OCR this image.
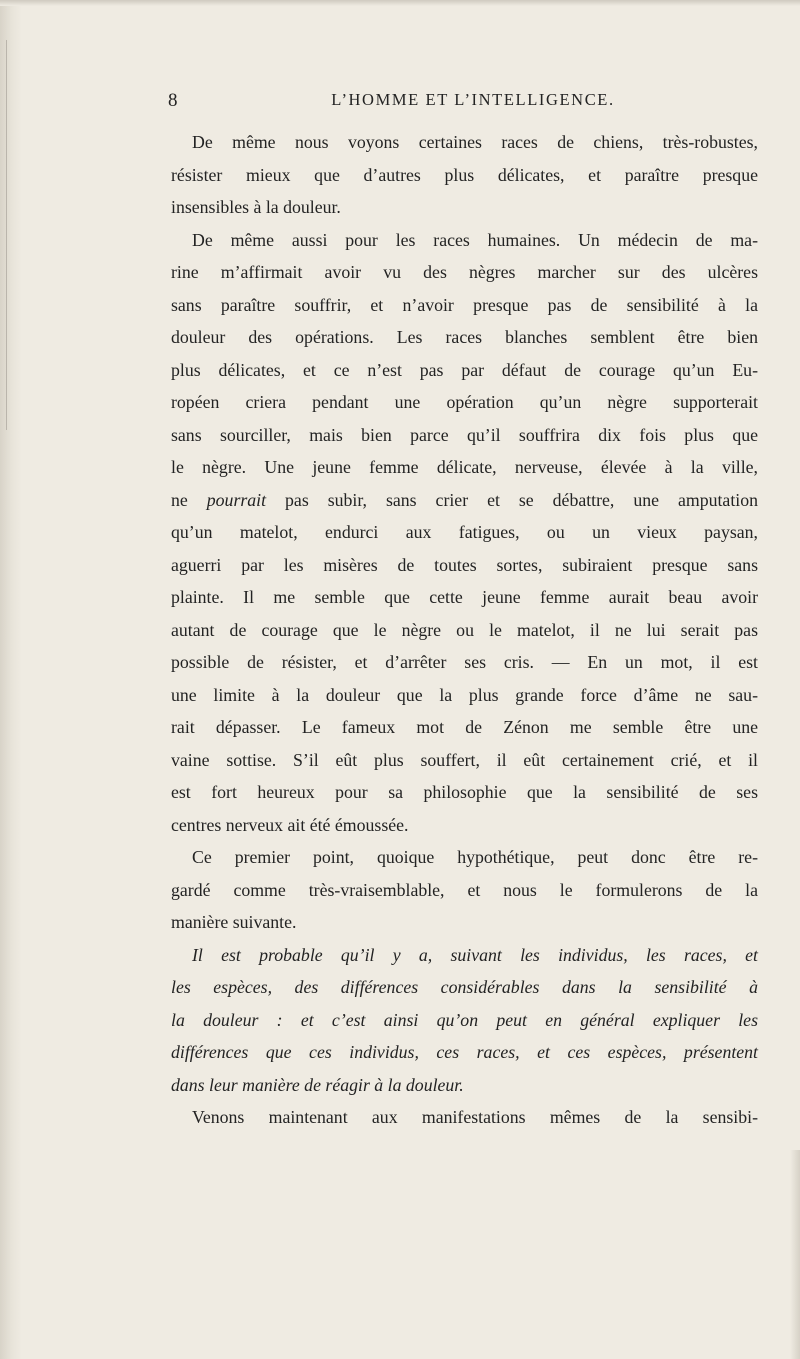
8	L’HOMME ET L’INTELLIGENCE.
De même nous voyons certaines races de chiens, très-robustes,
résister mieux que d’autres plus délicates, et paraître presque
insensibles à la douleur.
De même aussi pour les races humaines. Un médecin de ma-
rine m’affirmait avoir vu des nègres marcher sur des ulcères
sans paraître souffrir, et n’avoir presque pas de sensibilité à la
douleur des opérations. Les races blanches semblent être bien
plus délicates, et ce n’est pas par défaut de courage qu’un Eu-
ropéen criera pendant une opération qu’un nègre supporterait
sans sourciller, mais bien parce qu’il souffrira dix fois plus que
le nègre. Une jeune femme délicate, nerveuse, élevée à la ville,
ne pourrait pas subir, sans crier et se débattre, une amputation
qu’un matelot, endurci aux fatigues, ou un vieux paysan,
aguerri par les misères de toutes sortes, subiraient presque sans
plainte. Il me semble que cette jeune femme aurait beau avoir
autant de courage que le nègre ou le matelot, il ne lui serait pas
possible de résister, et d’arrêter ses cris. — En un mot, il est
une limite à la douleur que la plus grande force d’âme ne sau-
rait dépasser. Le fameux mot de Zénon me semble être une
vaine sottise. S’il eût plus souffert, il eût certainement crié, et il
est fort heureux pour sa philosophie que la sensibilité de ses
centres nerveux ait été émoussée.
Ce premier point, quoique hypothétique, peut donc être re-
gardé comme très-vraisemblable, et nous le formulerons de la
manière suivante.
Il est probable qu’il y a, suivant les individus, les races, et
les espèces, des différences considérables dans la sensibilité à
la douleur : et c’est ainsi qu’on peut en général expliquer les
différences que ces individus, ces races, et ces espèces, présentent
dans leur manière de réagir à la douleur.
Venons maintenant aux manifestations mêmes de la sensibi-
